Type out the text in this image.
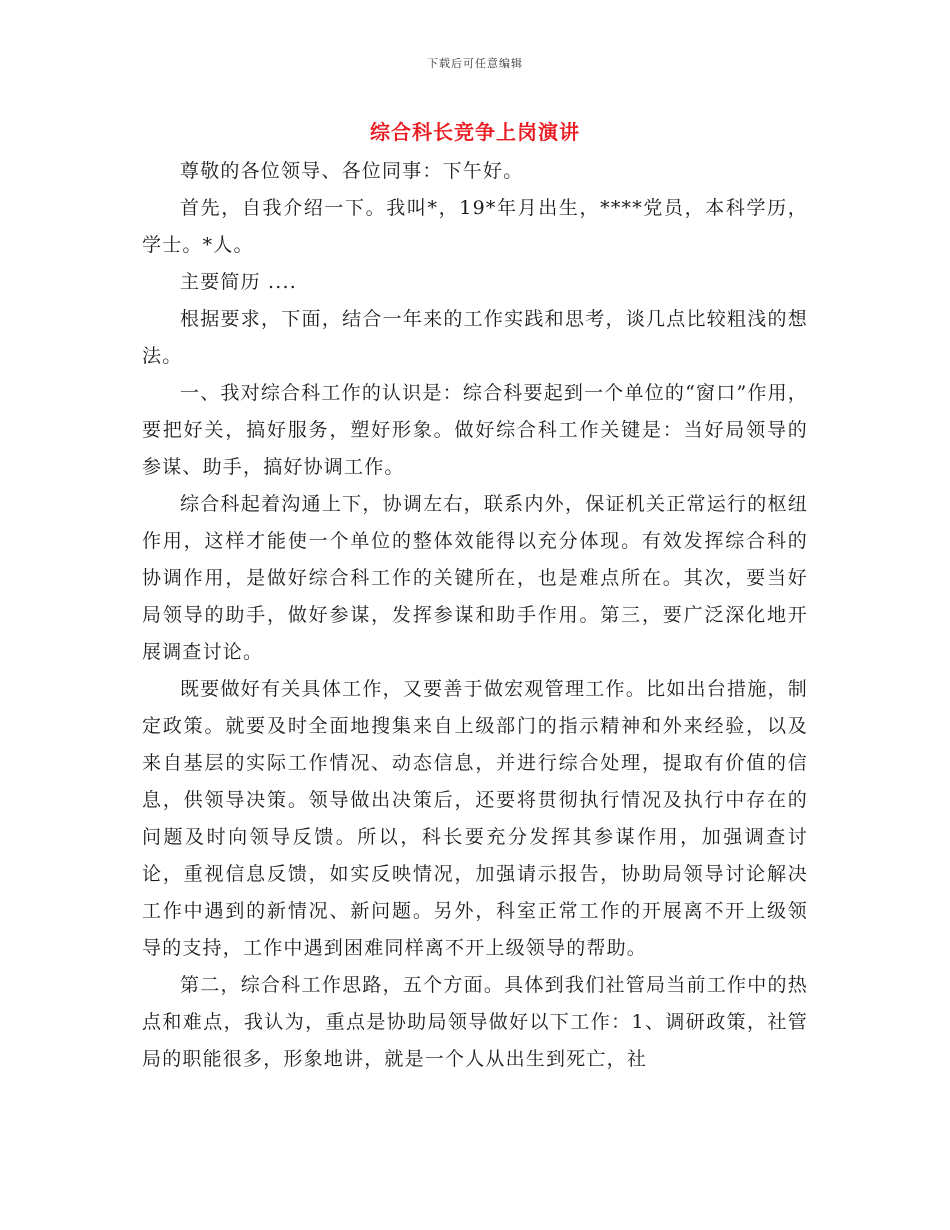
下载后可任意编辑
综合科长竞争上岗演讲

尊敬的各位领导、各位同事：下午好。

首先，自我介绍一下。我叫*，19*年月出生，****党员，本科学历，学士。*人。

主要简历 ....

根据要求，下面，结合一年来的工作实践和思考，谈几点比较粗浅的想法。

一、我对综合科工作的认识是：综合科要起到一个单位的“窗口”作用，要把好关，搞好服务，塑好形象。做好综合科工作关键是：当好局领导的参谋、助手，搞好协调工作。

综合科起着沟通上下，协调左右，联系内外，保证机关正常运行的枢纽作用，这样才能使一个单位的整体效能得以充分体现。有效发挥综合科的协调作用，是做好综合科工作的关键所在，也是难点所在。其次，要当好局领导的助手，做好参谋，发挥参谋和助手作用。第三，要广泛深化地开展调查讨论。

既要做好有关具体工作，又要善于做宏观管理工作。比如出台措施，制定政策。就要及时全面地搜集来自上级部门的指示精神和外来经验，以及来自基层的实际工作情况、动态信息，并进行综合处理，提取有价值的信息，供领导决策。领导做出决策后，还要将贯彻执行情况及执行中存在的问题及时向领导反馈。所以，科长要充分发挥其参谋作用，加强调查讨论，重视信息反馈，如实反映情况，加强请示报告，协助局领导讨论解决工作中遇到的新情况、新问题。另外，科室正常工作的开展离不开上级领导的支持，工作中遇到困难同样离不开上级领导的帮助。

第二，综合科工作思路，五个方面。具体到我们社管局当前工作中的热点和难点，我认为，重点是协助局领导做好以下工作：1、调研政策，社管局的职能很多，形象地讲，就是一个人从出生到死亡，社
